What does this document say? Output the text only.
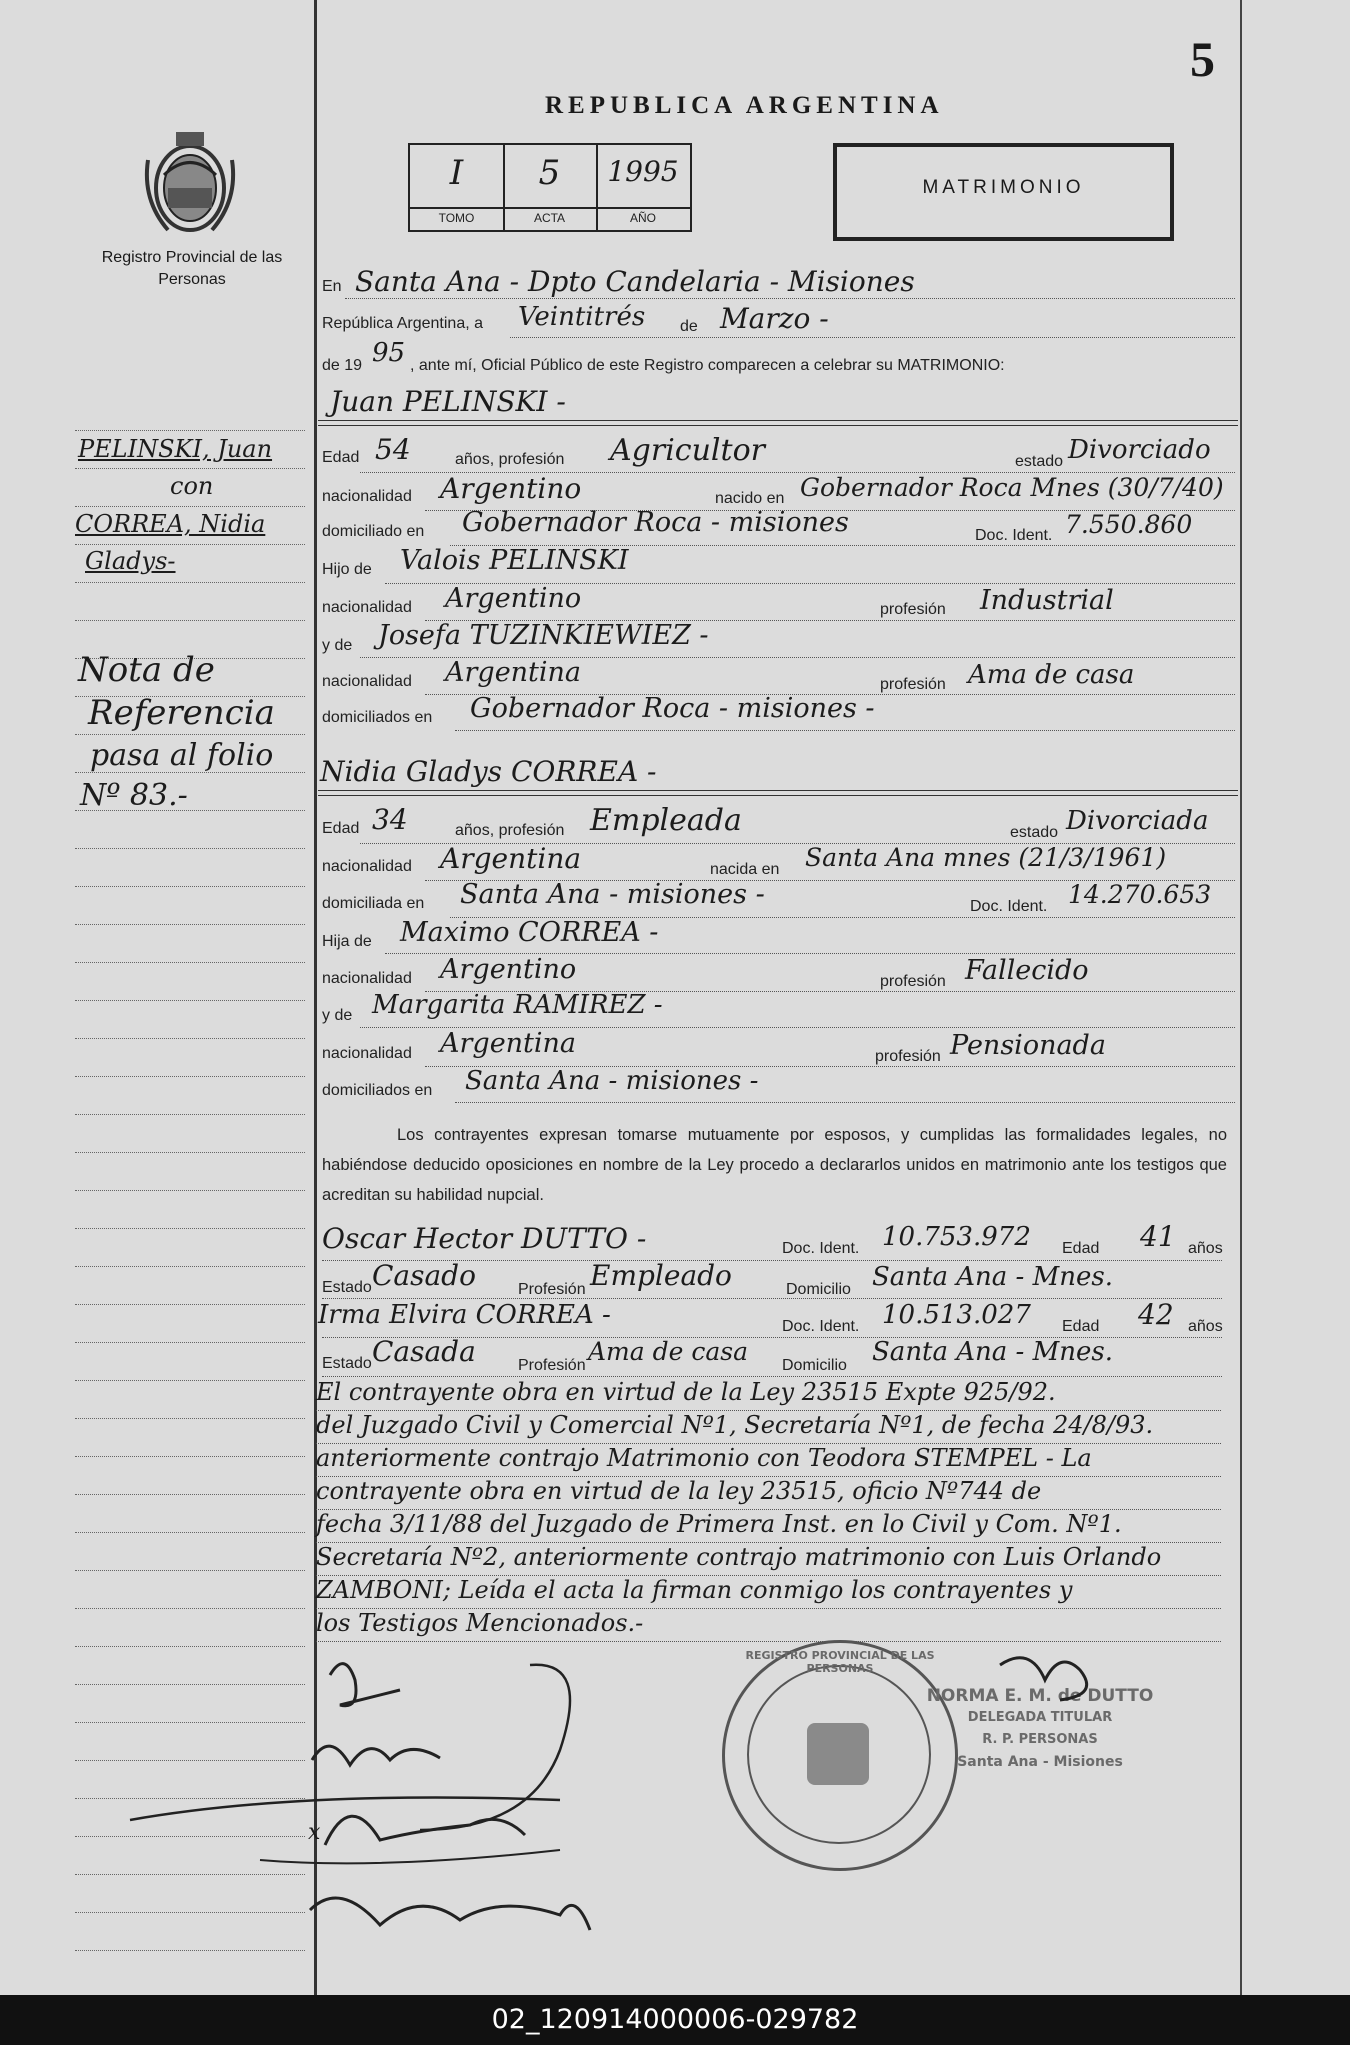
5
Registro Provincial de las Personas
REPUBLICA ARGENTINA
I	5	1995
TOMO	ACTA	AÑO
MATRIMONIO
PELINSKI, Juan
con
CORREA, Nidia
Gladys-
Nota de
Referencia
pasa al folio
Nº 83.-
En Santa Ana - Dpto Candelaria - Misiones
República Argentina, a Veintitrés de Marzo -
de 19 95 , ante mí, Oficial Público de este Registro comparecen a celebrar su MATRIMONIO:
Juan PELINSKI -
Edad 54	años, profesión Agricultor	estado Divorciado
nacionalidad Argentino	nacido en Gobernador Roca Mnes (30/7/40)
domiciliado en Gobernador Roca - misiones	Doc. Ident. 7.550.860
Hijo de Valois PELINSKI
nacionalidad Argentino	profesión Industrial
y de Josefa TUZINKIEWIEZ -
nacionalidad Argentina	profesión Ama de casa
domiciliados en Gobernador Roca - misiones -
Nidia Gladys CORREA -
Edad 34	años, profesión Empleada	estado Divorciada
nacionalidad Argentina	nacida en Santa Ana mnes (21/3/1961)
domiciliada en Santa Ana - misiones -	Doc. Ident. 14.270.653
Hija de Maximo CORREA -
nacionalidad Argentino	profesión Fallecido
y de Margarita RAMIREZ -
nacionalidad Argentina	profesión Pensionada
domiciliados en Santa Ana - misiones -
Los contrayentes expresan tomarse mutuamente por esposos, y cumplidas las formalidades legales, no habiéndose deducido oposiciones en nombre de la Ley procedo a declararlos unidos en matrimonio ante los testigos que acreditan su habilidad nupcial.
Oscar Hector DUTTO -	Doc. Ident. 10.753.972 Edad 41 años
Estado Casado	Profesión Empleado	Domicilio Santa Ana - Mnes.
Irma Elvira CORREA -	Doc. Ident. 10.513.027 Edad 42 años
Estado Casada	Profesión Ama de casa Domicilio Santa Ana - Mnes.
El contrayente obra en virtud de la Ley 23515 Expte 925/92.
del Juzgado Civil y Comercial Nº1, Secretaría Nº1, de fecha 24/8/93.
anteriormente contrajo Matrimonio con Teodora STEMPEL - La
contrayente obra en virtud de la ley 23515, oficio Nº744 de
fecha 3/11/88 del Juzgado de Primera Inst. en lo Civil y Com. Nº1.
Secretaría Nº2, anteriormente contrajo matrimonio con Luis Orlando
ZAMBONI; Leída el acta la firman conmigo los contrayentes y
los Testigos Mencionados.-
REGISTRO PROVINCIAL DE LAS PERSONAS
NORMA E. M. de DUTTO
DELEGADA TITULAR
R. P. PERSONAS
Santa Ana - Misiones
x
02_120914000006-029782
